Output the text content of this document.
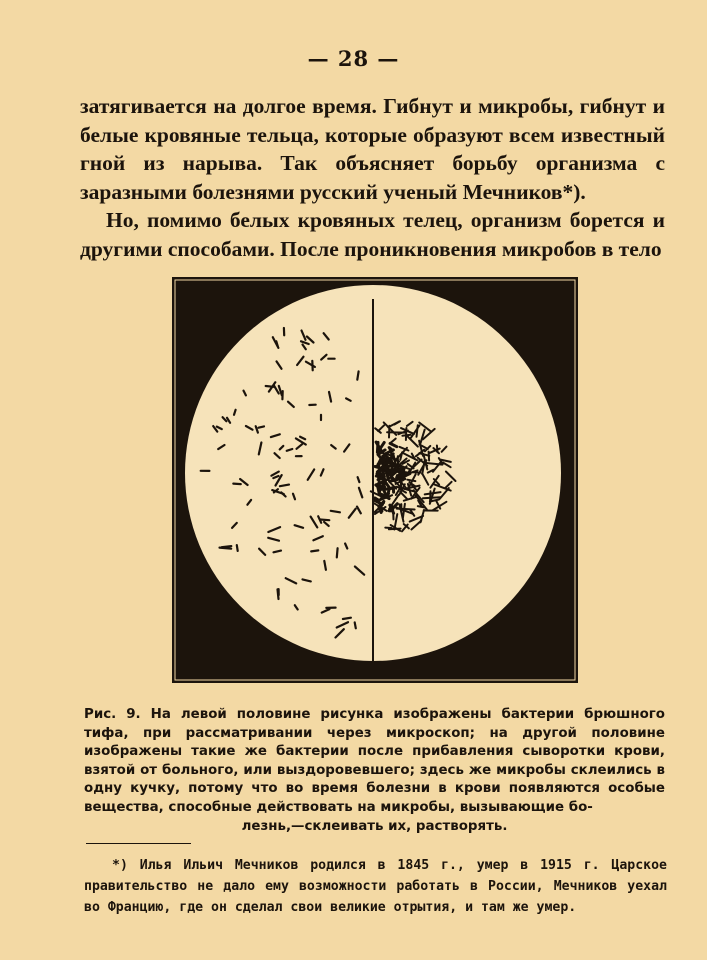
— 28 —

затягивается на долгое время. Гибнут и микробы, гибнут и белые кровяные тельца, которые образуют всем известный гной из нарыва. Так объясняет борьбу организма с заразными болезнями русский ученый Мечников*).

Но, помимо белых кровяных телец, организм борется и другими способами. После проникновения микробов в тело

Рис. 9. На левой половине рисунка изображены бактерии брюшного тифа, при рассматривании через микроскоп; на другой половине изображены такие же бактерии после прибавления сыворотки крови, взятой от больного, или выздоровевшего; здесь же микробы склеились в одну кучку, потому что во время болезни в крови появляются особые вещества, способные действовать на микробы, вызывающие бо-
лезнь,—склеивать их, растворять.

*) Илья Ильич Мечников родился в 1845 г., умер в 1915 г. Царское правительство не дало ему возможности работать в России, Мечников уехал во Францию, где он сделал свои великие отрытия, и там же умер.
